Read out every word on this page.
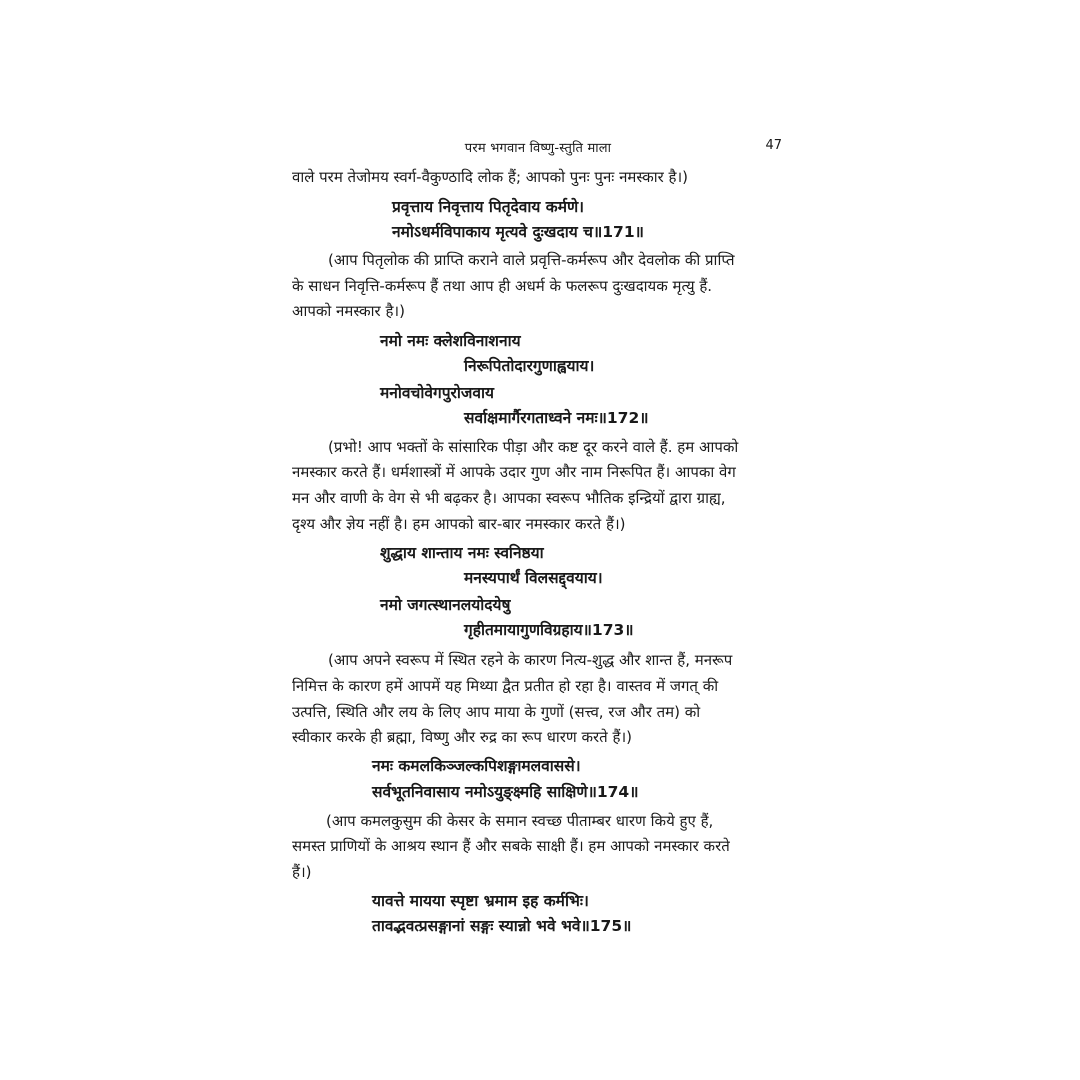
परम भगवान विष्णु-स्तुति माला	47
वाले परम तेजोमय स्वर्ग-वैकुण्ठादि लोक हैं; आपको पुनः पुनः नमस्कार है।)
प्रवृत्ताय निवृत्ताय पितृदेवाय कर्मणे।
नमोऽधर्मविपाकाय मृत्यवे दुःखदाय च॥171॥
(आप पितृलोक की प्राप्ति कराने वाले प्रवृत्ति-कर्मरूप और देवलोक की प्राप्ति
के साधन निवृत्ति-कर्मरूप हैं तथा आप ही अधर्म के फलरूप दुःखदायक मृत्यु हैं.
आपको नमस्कार है।)
नमो नमः क्लेशविनाशनाय
निरूपितोदारगुणाह्वयाय।
मनोवचोवेगपुरोजवाय
सर्वाक्षमार्गैरगताध्वने नमः॥172॥
(प्रभो! आप भक्तों के सांसारिक पीड़ा और कष्ट दूर करने वाले हैं. हम आपको
नमस्कार करते हैं। धर्मशास्त्रों में आपके उदार गुण और नाम निरूपित हैं। आपका वेग
मन और वाणी के वेग से भी बढ़कर है। आपका स्वरूप भौतिक इन्द्रियों द्वारा ग्राह्य,
दृश्य और ज्ञेय नहीं है। हम आपको बार-बार नमस्कार करते हैं।)
शुद्धाय शान्ताय नमः स्वनिष्ठया
मनस्यपार्थं विलसद्द्वयाय।
नमो जगत्स्थानलयोदयेषु
गृहीतमायागुणविग्रहाय॥173॥
(आप अपने स्वरूप में स्थित रहने के कारण नित्य-शुद्ध और शान्त हैं, मनरूप
निमित्त के कारण हमें आपमें यह मिथ्या द्वैत प्रतीत हो रहा है। वास्तव में जगत् की
उत्पत्ति, स्थिति और लय के लिए आप माया के गुणों (सत्त्व, रज और तम) को
स्वीकार करके ही ब्रह्मा, विष्णु और रुद्र का रूप धारण करते हैं।)
नमः कमलकिञ्जल्कपिशङ्गामलवाससे।
सर्वभूतनिवासाय नमोऽयुङ्क्ष्महि साक्षिणे॥174॥
(आप कमलकुसुम की केसर के समान स्वच्छ पीताम्बर धारण किये हुए हैं,
समस्त प्राणियों के आश्रय स्थान हैं और सबके साक्षी हैं। हम आपको नमस्कार करते
हैं।)
यावत्ते मायया स्पृष्टा भ्रमाम इह कर्मभिः।
तावद्भवत्प्रसङ्गानां सङ्गः स्यान्नो भवे भवे॥175॥
